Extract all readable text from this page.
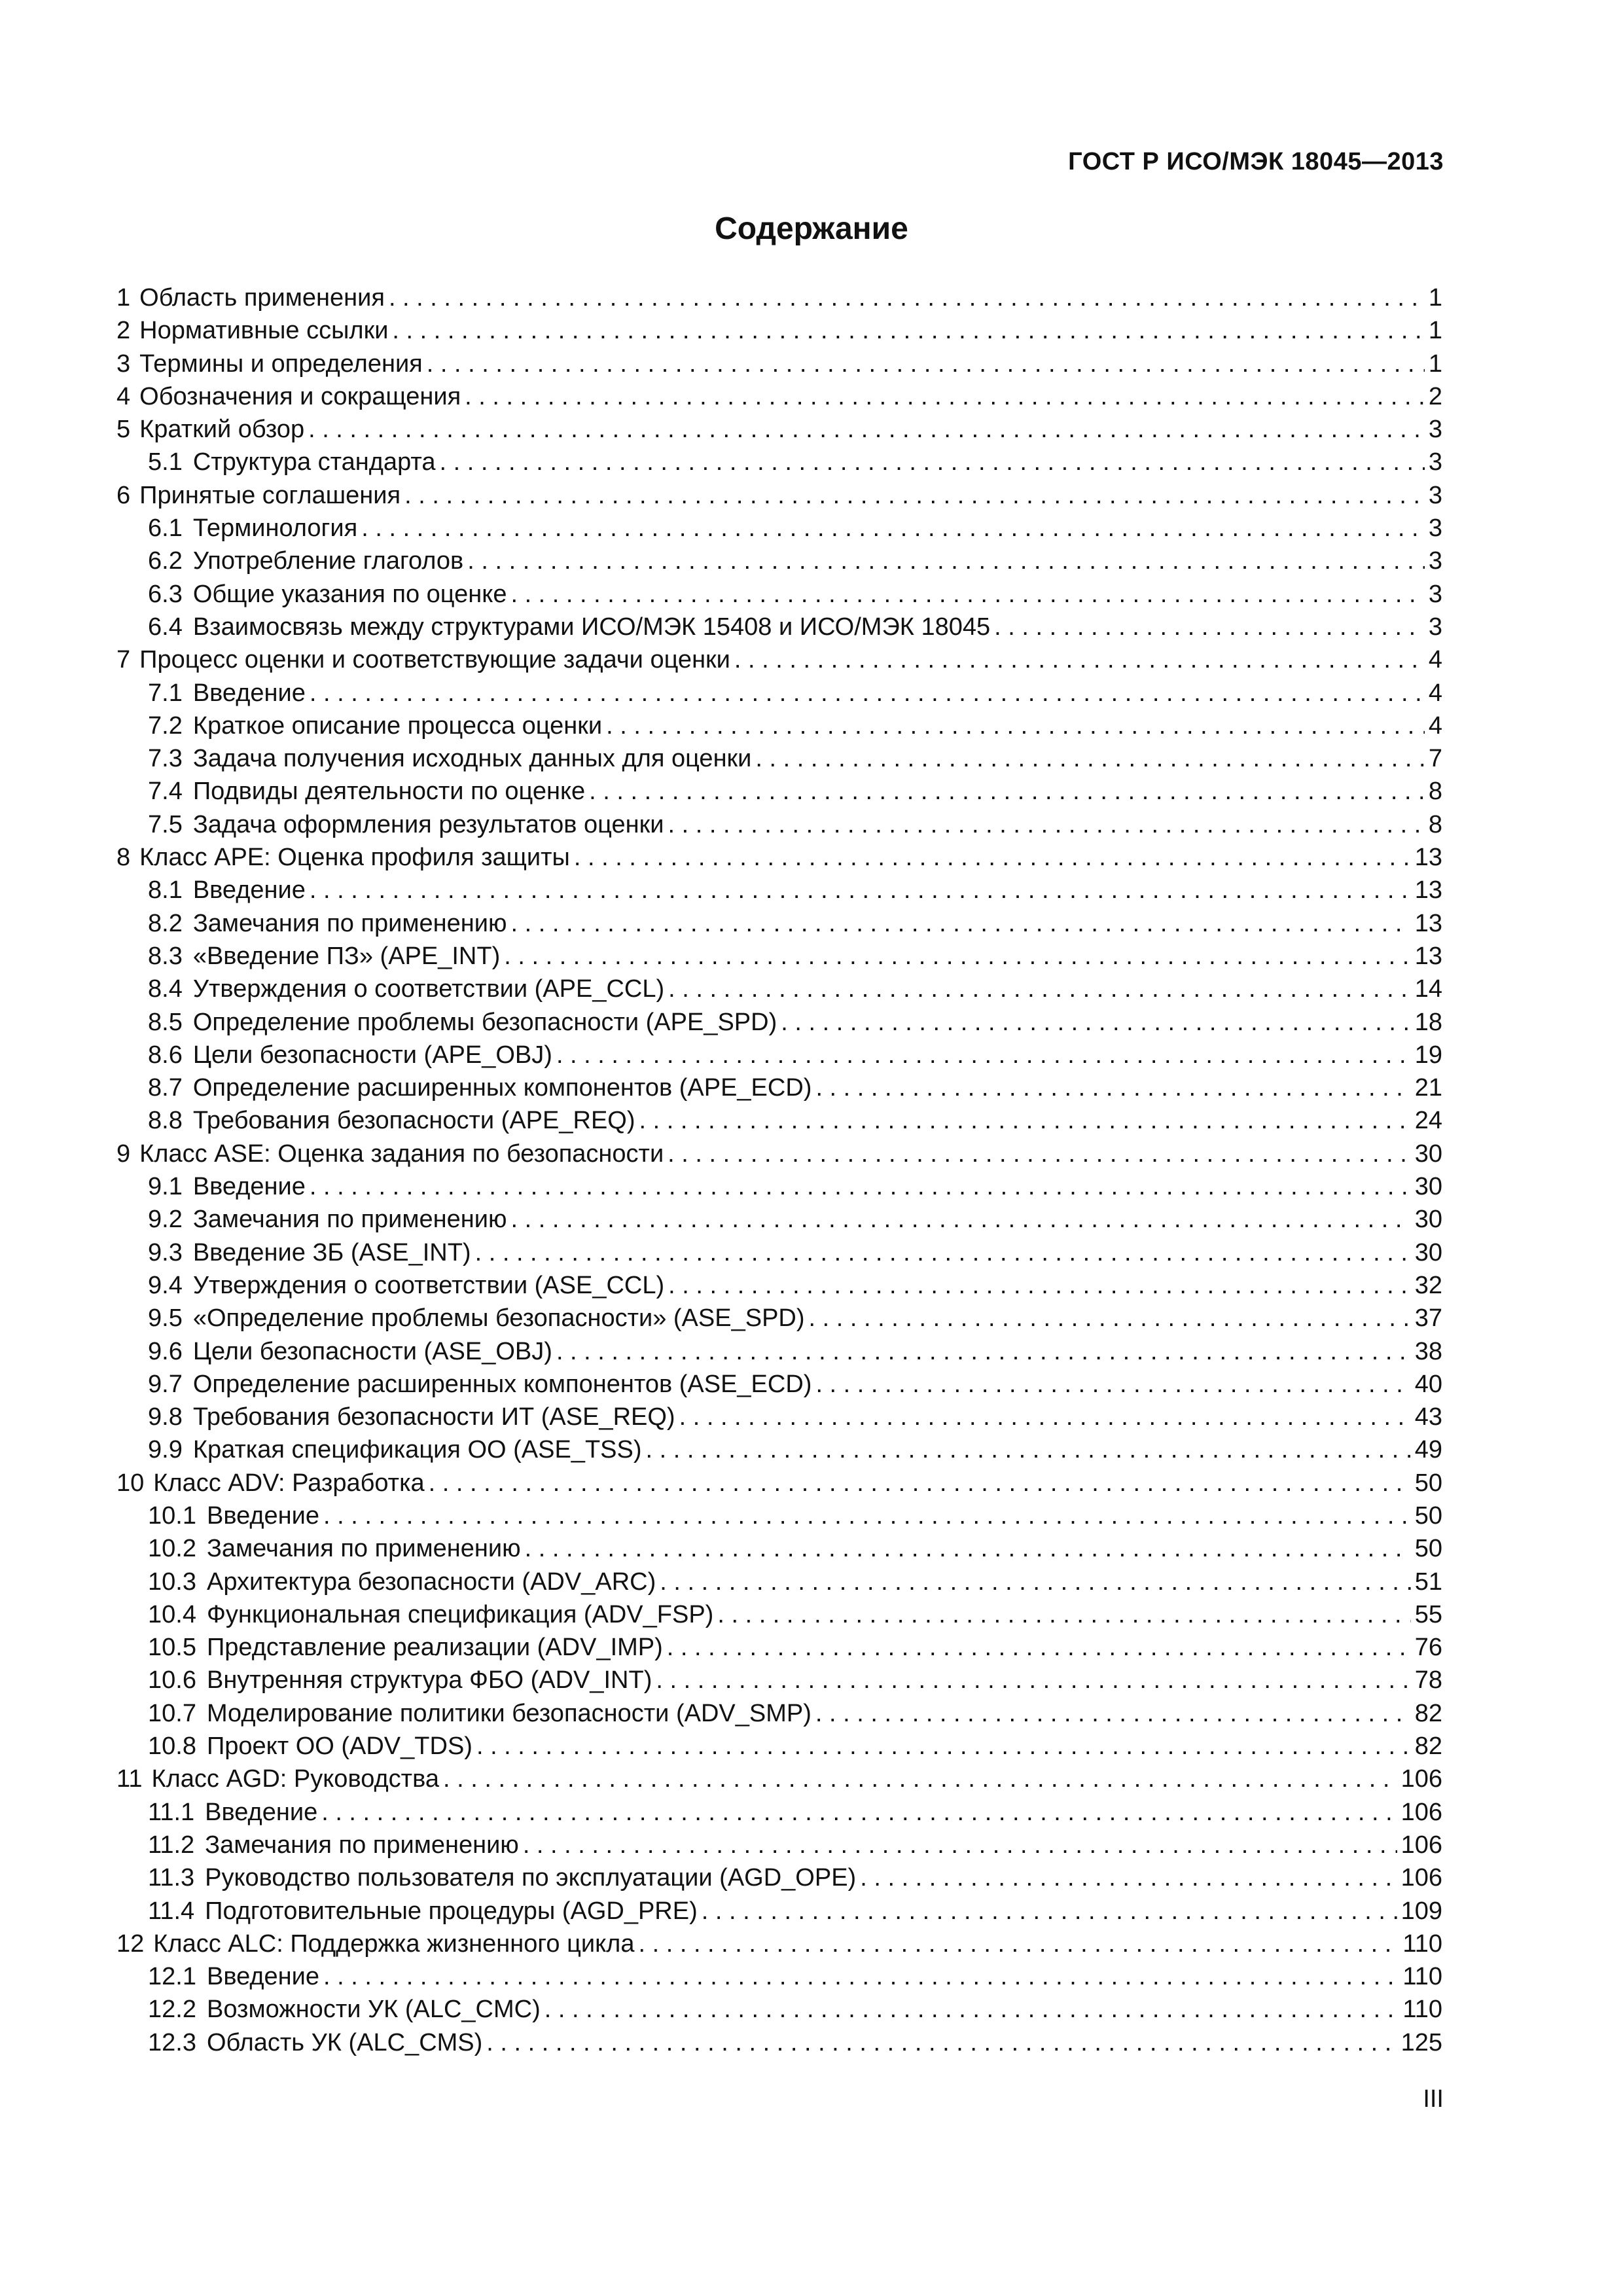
ГОСТ Р ИСО/МЭК 18045—2013
Содержание
1 Область применения . . .	1
2 Нормативные ссылки . . .	1
3 Термины и определения . . .	1
4 Обозначения и сокращения . . .	2
5 Краткий обзор . . .	3
5.1 Структура стандарта . . .	3
6 Принятые соглашения . . .	3
6.1 Терминология . . .	3
6.2 Употребление глаголов . . .	3
6.3 Общие указания по оценке . . .	3
6.4 Взаимосвязь между структурами ИСО/МЭК 15408 и ИСО/МЭК 18045 . . .	3
7 Процесс оценки и соответствующие задачи оценки . . .	4
7.1 Введение . . .	4
7.2 Краткое описание процесса оценки . . .	4
7.3 Задача получения исходных данных для оценки . . .	7
7.4 Подвиды деятельности по оценке . . .	8
7.5 Задача оформления результатов оценки . . .	8
8 Класс APE: Оценка профиля защиты . . .	13
8.1 Введение . . .	13
8.2 Замечания по применению . . .	13
8.3 «Введение ПЗ» (APE_INT) . . .	13
8.4 Утверждения о соответствии (APE_CCL) . . .	14
8.5 Определение проблемы безопасности (APE_SPD) . . .	18
8.6 Цели безопасности (APE_OBJ) . . .	19
8.7 Определение расширенных компонентов (APE_ECD) . . .	21
8.8 Требования безопасности (APE_REQ) . . .	24
9 Класс ASE: Оценка задания по безопасности . . .	30
9.1 Введение . . .	30
9.2 Замечания по применению . . .	30
9.3 Введение ЗБ (ASE_INT) . . .	30
9.4 Утверждения о соответствии (ASE_CCL) . . .	32
9.5 «Определение проблемы безопасности» (ASE_SPD) . . .	37
9.6 Цели безопасности (ASE_OBJ) . . .	38
9.7 Определение расширенных компонентов (ASE_ECD) . . .	40
9.8 Требования безопасности ИТ (ASE_REQ) . . .	43
9.9 Краткая спецификация ОО (ASE_TSS) . . .	49
10 Класс ADV: Разработка . . .	50
10.1 Введение . . .	50
10.2 Замечания по применению . . .	50
10.3 Архитектура безопасности (ADV_ARC) . . .	51
10.4 Функциональная спецификация (ADV_FSP) . . .	55
10.5 Представление реализации (ADV_IMP) . . .	76
10.6 Внутренняя структура ФБО (ADV_INT) . . .	78
10.7 Моделирование политики безопасности (ADV_SMP) . . .	82
10.8 Проект ОО (ADV_TDS) . . .	82
11 Класс AGD: Руководства . . .	106
11.1 Введение . . .	106
11.2 Замечания по применению . . .	106
11.3 Руководство пользователя по эксплуатации (AGD_OPE) . . .	106
11.4 Подготовительные процедуры (AGD_PRE) . . .	109
12 Класс ALC: Поддержка жизненного цикла . . .	110
12.1 Введение . . .	110
12.2 Возможности УК (ALC_CMC) . . .	110
12.3 Область УК (ALC_CMS) . . .	125
III
